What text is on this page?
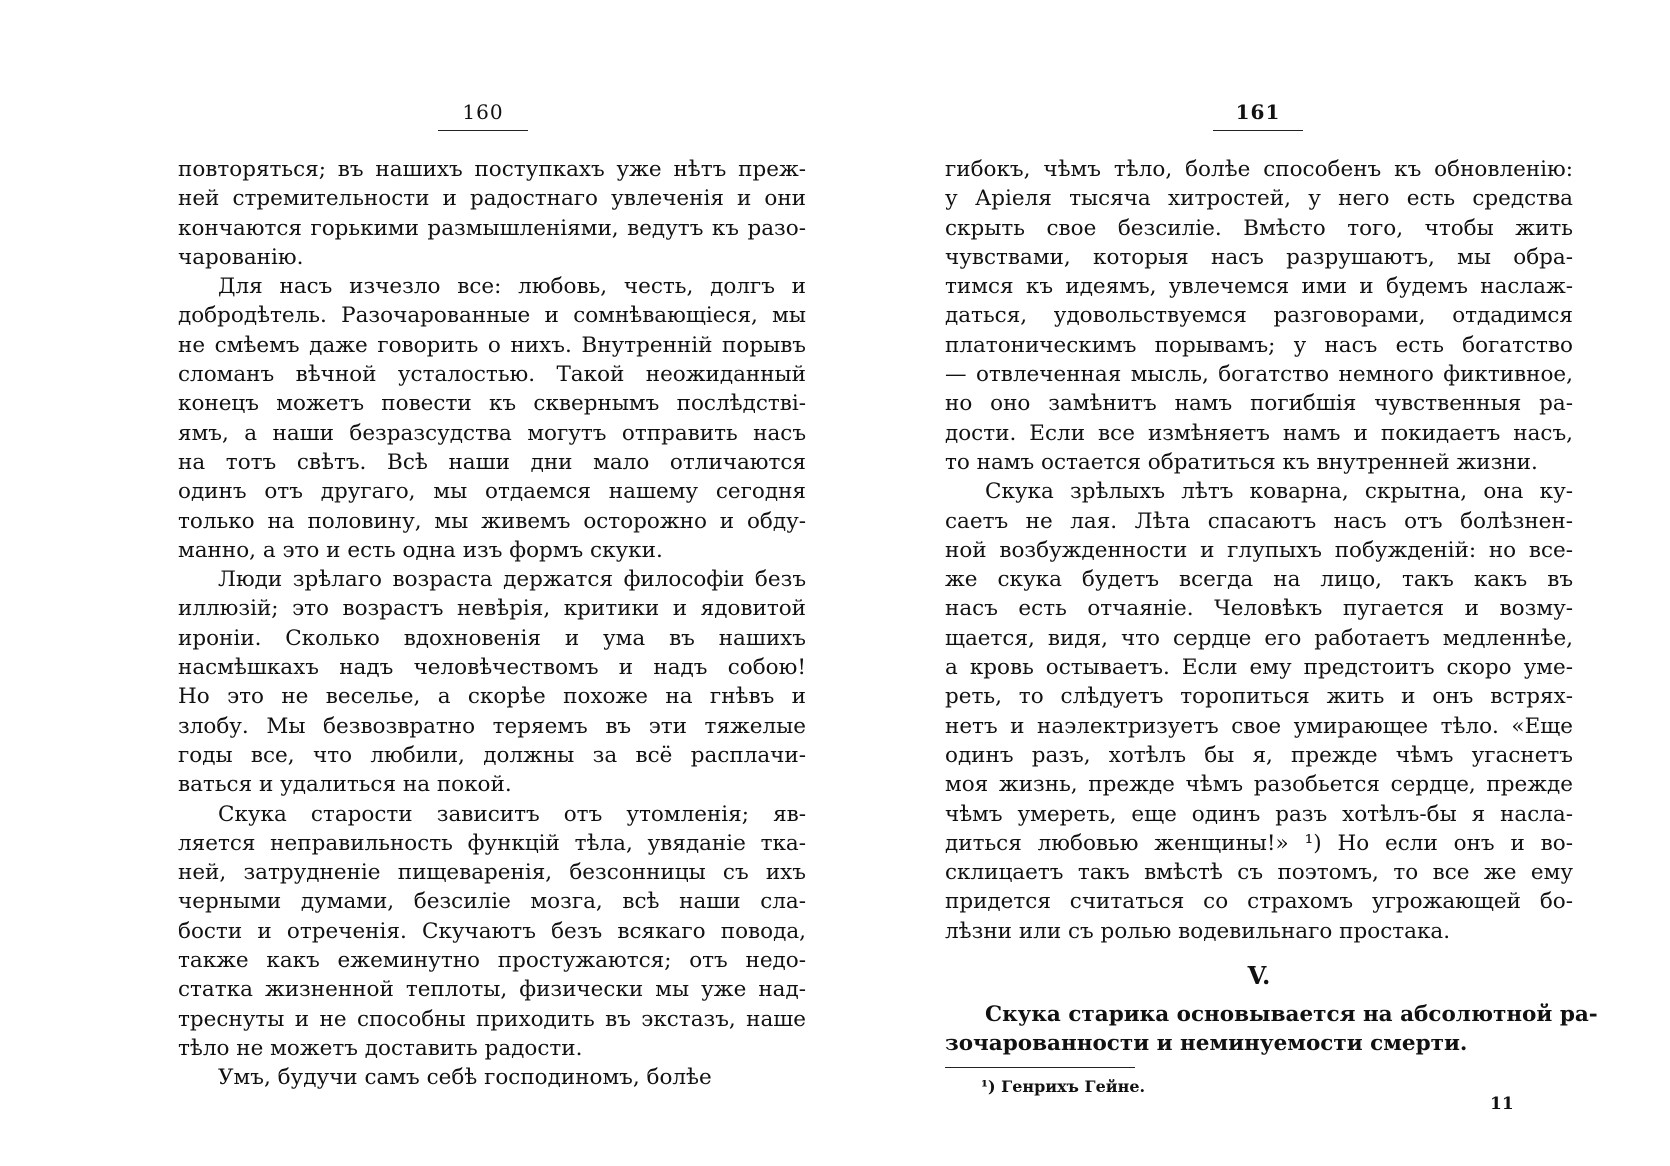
160
повторяться; въ нашихъ поступкахъ уже нѣтъ преж-
ней стремительности и радостнаго увлеченія и они
кончаются горькими размышленіями, ведутъ къ разо-
чарованію.
Для насъ изчезло все: любовь, честь, долгъ и
добродѣтель. Разочарованные и сомнѣвающіеся, мы
не смѣемъ даже говорить о нихъ. Внутренній порывъ
сломанъ вѣчной усталостью. Такой неожиданный
конецъ можетъ повести къ сквернымъ послѣдстві-
ямъ, а наши безразсудства могутъ отправить насъ
на тотъ свѣтъ. Всѣ наши дни мало отличаются
одинъ отъ другаго, мы отдаемся нашему сегодня
только на половину, мы живемъ осторожно и обду-
манно, а это и есть одна изъ формъ скуки.
Люди зрѣлаго возраста держатся философіи безъ
иллюзій; это возрастъ невѣрія, критики и ядовитой
ироніи. Сколько вдохновенія и ума въ нашихъ
насмѣшкахъ надъ человѣчествомъ и надъ собою!
Но это не веселье, а скорѣе похоже на гнѣвъ и
злобу. Мы безвозвратно теряемъ въ эти тяжелые
годы все, что любили, должны за всё расплачи-
ваться и удалиться на покой.
Скука старости зависитъ отъ утомленія; яв-
ляется неправильность функцій тѣла, увяданіе тка-
ней, затрудненіе пищеваренія, безсонницы съ ихъ
черными думами, безсиліе мозга, всѣ наши сла-
бости и отреченія. Скучаютъ безъ всякаго повода,
также какъ ежеминутно простужаются; отъ недо-
статка жизненной теплоты, физически мы уже над-
треснуты и не способны приходить въ экстазъ, наше
тѣло не можетъ доставить радости.
Умъ, будучи самъ себѣ господиномъ, болѣе
161
гибокъ, чѣмъ тѣло, болѣе способенъ къ обновленію:
у Аріеля тысяча хитростей, у него есть средства
скрыть свое безсиліе. Вмѣсто того, чтобы жить
чувствами, которыя насъ разрушаютъ, мы обра-
тимся къ идеямъ, увлечемся ими и будемъ наслаж-
даться, удовольствуемся разговорами, отдадимся
платоническимъ порывамъ; у насъ есть богатство
— отвлеченная мысль, богатство немного фиктивное,
но оно замѣнитъ намъ погибшія чувственныя ра-
дости. Если все измѣняетъ намъ и покидаетъ насъ,
то намъ остается обратиться къ внутренней жизни.
Скука зрѣлыхъ лѣтъ коварна, скрытна, она ку-
саетъ не лая. Лѣта спасаютъ насъ отъ болѣзнен-
ной возбужденности и глупыхъ побужденій: но все-
же скука будетъ всегда на лицо, такъ какъ въ
насъ есть отчаяніе. Человѣкъ пугается и возму-
щается, видя, что сердце его работаетъ медленнѣе,
а кровь остываетъ. Если ему предстоитъ скоро умe-
реть, то слѣдуетъ торопиться жить и онъ встрях-
нетъ и наэлектризуетъ свое умирающее тѣло. «Еще
одинъ разъ, хотѣлъ бы я, прежде чѣмъ угаснетъ
моя жизнь, прежде чѣмъ разобьется сердце, прежде
чѣмъ умереть, еще одинъ разъ хотѣлъ-бы я насла-
диться любовью женщины!» ¹) Но если онъ и во-
склицаетъ такъ вмѣстѣ съ поэтомъ, то все же ему
придется считаться со страхомъ угрожающей бо-
лѣзни или съ ролью водевильнаго простака.
V.
Скука старика основывается на абсолютной ра-
зочарованности и неминуемости смерти.
¹) Генрихъ Гейне.
11
